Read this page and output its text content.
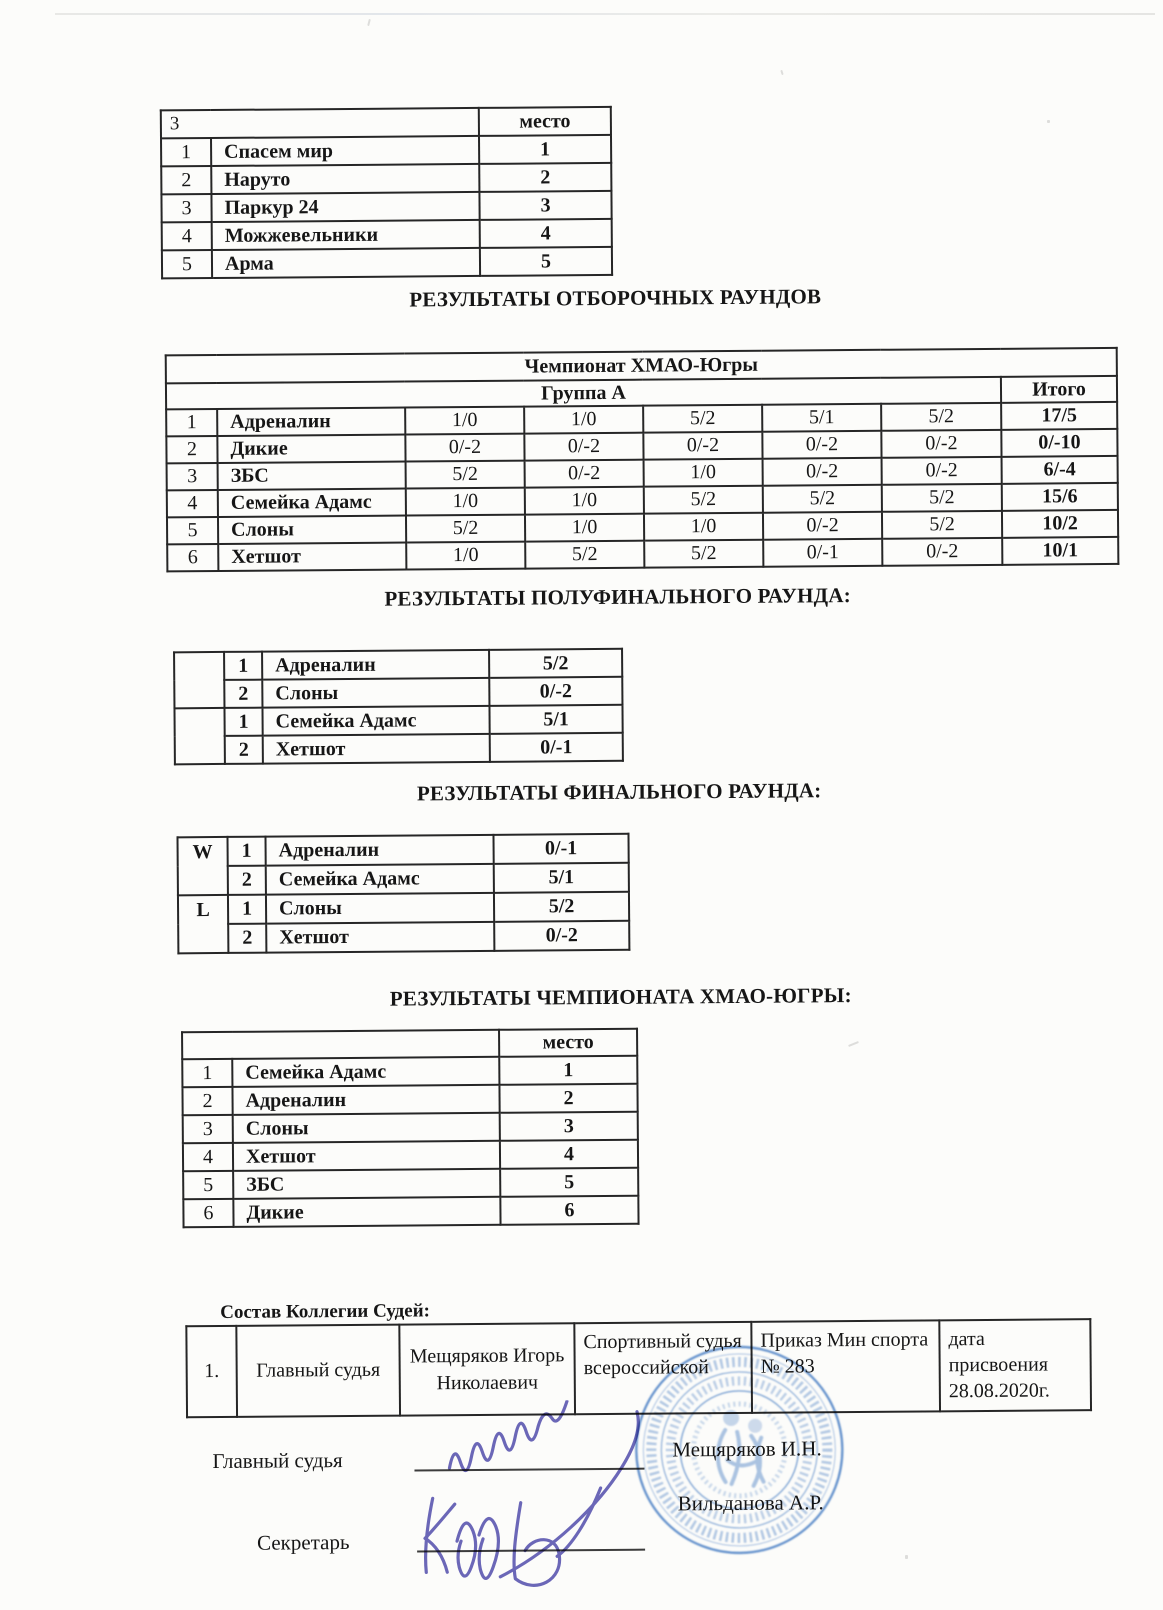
3		место
1	Спасем мир	1
2	Наруто	2
3	Паркур 24	3
4	Можжевельники	4
5	Арма	5
РЕЗУЛЬТАТЫ ОТБОРОЧНЫХ РАУНДОВ
Чемпионат ХМАО-Югры							
Группа А							Итого
1	Адреналин	1/0	1/0	5/2	5/1	5/2	17/5
2	Дикие	0/-2	0/-2	0/-2	0/-2	0/-2	0/-10
3	ЗБС	5/2	0/-2	1/0	0/-2	0/-2	6/-4
4	Семейка Адамс	1/0	1/0	5/2	5/2	5/2	15/6
5	Слоны	5/2	1/0	1/0	0/-2	5/2	10/2
6	Хетшот	1/0	5/2	5/2	0/-1	0/-2	10/1
РЕЗУЛЬТАТЫ ПОЛУФИНАЛЬНОГО РАУНДА:
	1	Адреналин	5/2
	2	Слоны	0/-2
	1	Семейка Адамс	5/1
	2	Хетшот	0/-1
РЕЗУЛЬТАТЫ ФИНАЛЬНОГО РАУНДА:
W	1	Адреналин	0/-1
	2	Семейка Адамс	5/1
L	1	Слоны	5/2
	2	Хетшот	0/-2
РЕЗУЛЬТАТЫ ЧЕМПИОНАТА ХМАО-ЮГРЫ:
		место
1	Семейка Адамс	1
2	Адреналин	2
3	Слоны	3
4	Хетшот	4
5	ЗБС	5
6	Дикие	6
Состав Коллегии Судей:
1.	Главный судья	Мещяряков Игорь Николаевич	Спортивный судья всероссийской	Приказ Мин спорта № 283	дата присвоения 28.08.2020г.
Главный судья	Мещяряков И.Н.
Секретарь
Вильданова А.Р.
